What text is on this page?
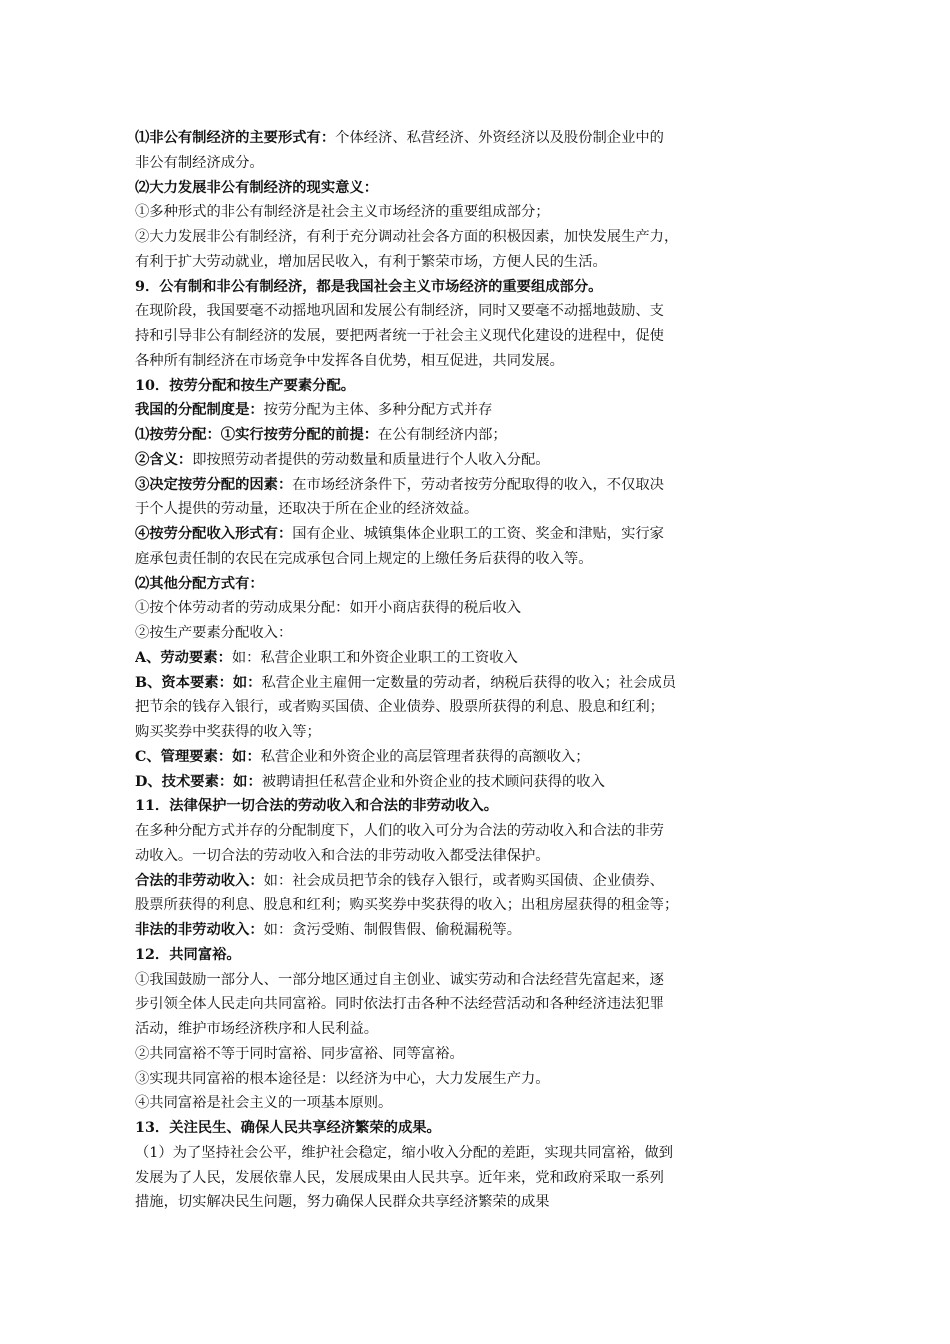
⑴非公有制经济的主要形式有：个体经济、私营经济、外资经济以及股份制企业中的
非公有制经济成分。
⑵大力发展非公有制经济的现实意义：
①多种形式的非公有制经济是社会主义市场经济的重要组成部分；
②大力发展非公有制经济，有利于充分调动社会各方面的积极因素，加快发展生产力，
有利于扩大劳动就业，增加居民收入，有利于繁荣市场，方便人民的生活。
9．公有制和非公有制经济，都是我国社会主义市场经济的重要组成部分。
在现阶段，我国要毫不动摇地巩固和发展公有制经济，同时又要毫不动摇地鼓励、支
持和引导非公有制经济的发展，要把两者统一于社会主义现代化建设的进程中，促使
各种所有制经济在市场竞争中发挥各自优势，相互促进，共同发展。
10．按劳分配和按生产要素分配。
我国的分配制度是：按劳分配为主体、多种分配方式并存
⑴按劳分配：①实行按劳分配的前提：在公有制经济内部；
②含义：即按照劳动者提供的劳动数量和质量进行个人收入分配。
③决定按劳分配的因素：在市场经济条件下，劳动者按劳分配取得的收入，不仅取决
于个人提供的劳动量，还取决于所在企业的经济效益。
④按劳分配收入形式有：国有企业、城镇集体企业职工的工资、奖金和津贴，实行家
庭承包责任制的农民在完成承包合同上规定的上缴任务后获得的收入等。
⑵其他分配方式有：
①按个体劳动者的劳动成果分配：如开小商店获得的税后收入
②按生产要素分配收入：
A、劳动要素：如：私营企业职工和外资企业职工的工资收入
B、资本要素：如：私营企业主雇佣一定数量的劳动者，纳税后获得的收入；社会成员
把节余的钱存入银行，或者购买国债、企业债券、股票所获得的利息、股息和红利；
购买奖券中奖获得的收入等；
C、管理要素：如：私营企业和外资企业的高层管理者获得的高额收入；
D、技术要素：如：被聘请担任私营企业和外资企业的技术顾问获得的收入
11．法律保护一切合法的劳动收入和合法的非劳动收入。
在多种分配方式并存的分配制度下，人们的收入可分为合法的劳动收入和合法的非劳
动收入。一切合法的劳动收入和合法的非劳动收入都受法律保护。
合法的非劳动收入：如：社会成员把节余的钱存入银行，或者购买国债、企业债券、
股票所获得的利息、股息和红利；购买奖券中奖获得的收入；出租房屋获得的租金等；
非法的非劳动收入：如：贪污受贿、制假售假、偷税漏税等。
12．共同富裕。
①我国鼓励一部分人、一部分地区通过自主创业、诚实劳动和合法经营先富起来，逐
步引领全体人民走向共同富裕。同时依法打击各种不法经营活动和各种经济违法犯罪
活动，维护市场经济秩序和人民利益。
②共同富裕不等于同时富裕、同步富裕、同等富裕。
③实现共同富裕的根本途径是：以经济为中心，大力发展生产力。
④共同富裕是社会主义的一项基本原则。
13．关注民生、确保人民共享经济繁荣的成果。
（1）为了坚持社会公平，维护社会稳定，缩小收入分配的差距，实现共同富裕，做到
发展为了人民，发展依靠人民，发展成果由人民共享。近年来，党和政府采取一系列
措施，切实解决民生问题，努力确保人民群众共享经济繁荣的成果
